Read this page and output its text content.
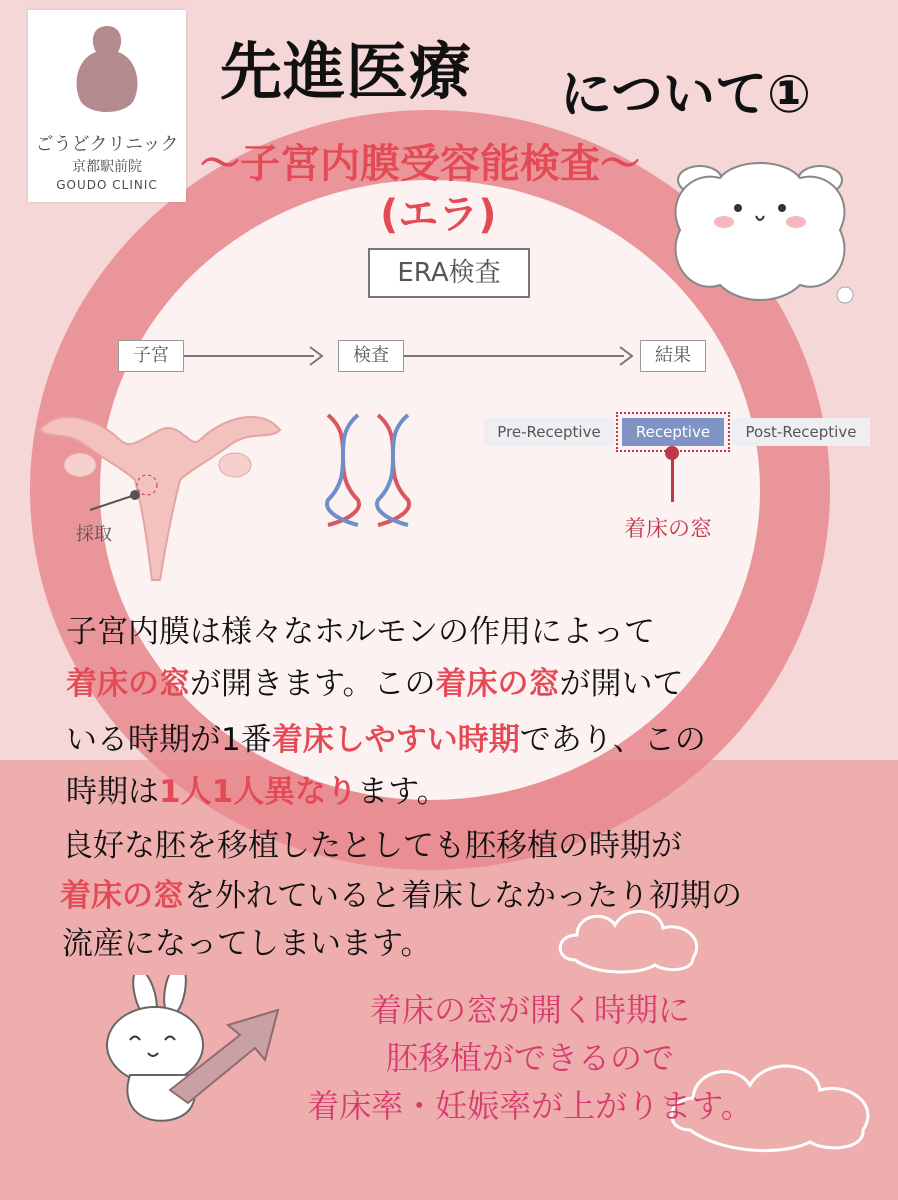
ごうどクリニック
京都駅前院
GOUDO CLINIC
先進医療 について①
〜子宮内膜受容能検査〜
(エラ)
ERA検査
子宮	検査	結果
採取
Pre-Receptive	Receptive	Post-Receptive
着床の窓
子宮内膜は様々なホルモンの作用によって
着床の窓が開きます。この着床の窓が開いて
いる時期が1番着床しやすい時期であり、この
時期は1人1人異なります。
良好な胚を移植したとしても胚移植の時期が
着床の窓を外れていると着床しなかったり初期の
流産になってしまいます。
着床の窓が開く時期に
胚移植ができるので
着床率・妊娠率が上がります。
